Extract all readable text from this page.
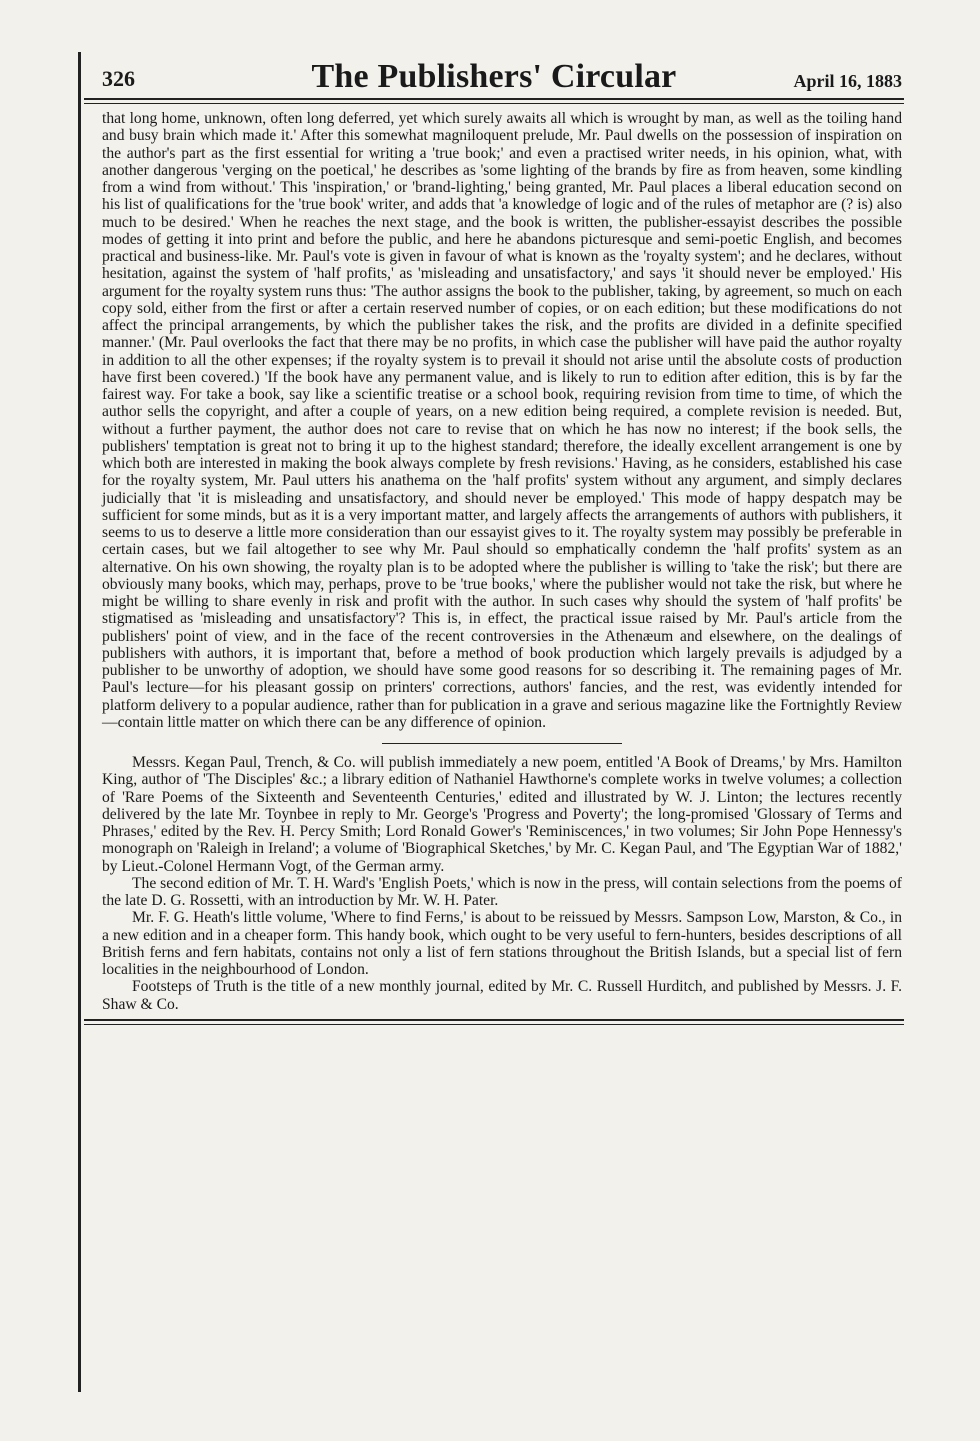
326	The Publishers' Circular	April 16, 1883

that long home, unknown, often long deferred, yet which surely awaits all which is wrought by man, as well as the toiling hand and busy brain which made it.' After this somewhat magniloquent prelude, Mr. Paul dwells on the possession of inspiration on the author's part as the first essential for writing a 'true book;' and even a practised writer needs, in his opinion, what, with another dangerous 'verging on the poetical,' he describes as 'some lighting of the brands by fire as from heaven, some kindling from a wind from without.' This 'inspiration,' or 'brand-lighting,' being granted, Mr. Paul places a liberal education second on his list of qualifications for the 'true book' writer, and adds that 'a knowledge of logic and of the rules of metaphor are (? is) also much to be desired.' When he reaches the next stage, and the book is written, the publisher-essayist describes the possible modes of getting it into print and before the public, and here he abandons picturesque and semi-poetic English, and becomes practical and business-like. Mr. Paul's vote is given in favour of what is known as the 'royalty system'; and he declares, without hesitation, against the system of 'half profits,' as 'misleading and unsatisfactory,' and says 'it should never be employed.' His argument for the royalty system runs thus: 'The author assigns the book to the publisher, taking, by agreement, so much on each copy sold, either from the first or after a certain reserved number of copies, or on each edition; but these modifications do not affect the principal arrangements, by which the publisher takes the risk, and the profits are divided in a definite specified manner.' (Mr. Paul overlooks the fact that there may be no profits, in which case the publisher will have paid the author royalty in addition to all the other expenses; if the royalty system is to prevail it should not arise until the absolute costs of production have first been covered.) 'If the book have any permanent value, and is likely to run to edition after edition, this is by far the fairest way. For take a book, say like a scientific treatise or a school book, requiring revision from time to time, of which the author sells the copyright, and after a couple of years, on a new edition being required, a complete revision is needed. But, without a further payment, the author does not care to revise that on which he has now no interest; if the book sells, the publishers' temptation is great not to bring it up to the highest standard; therefore, the ideally excellent arrangement is one by which both are interested in making the book always complete by fresh revisions.' Having, as he considers, established his case for the royalty system, Mr. Paul utters his anathema on the 'half profits' system without any argument, and simply declares judicially that 'it is misleading and unsatisfactory, and should never be employed.' This mode of happy despatch may be sufficient for some minds, but as it is a very important matter, and largely affects the arrangements of authors with publishers, it seems to us to deserve a little more consideration than our essayist gives to it. The royalty system may possibly be preferable in certain cases, but we fail altogether to see why Mr. Paul should so emphatically condemn the 'half profits' system as an alternative. On his own showing, the royalty plan is to be adopted where the publisher is willing to 'take the risk'; but there are obviously many books, which may, perhaps, prove to be 'true books,' where the publisher would not take the risk, but where he might be willing to share evenly in risk and profit with the author. In such cases why should the system of 'half profits' be stigmatised as 'misleading and unsatisfactory'? This is, in effect, the practical issue raised by Mr. Paul's article from the publishers' point of view, and in the face of the recent controversies in the Athenæum and elsewhere, on the dealings of publishers with authors, it is important that, before a method of book production which largely prevails is adjudged by a publisher to be unworthy of adoption, we should have some good reasons for so describing it. The remaining pages of Mr. Paul's lecture—for his pleasant gossip on printers' corrections, authors' fancies, and the rest, was evidently intended for platform delivery to a popular audience, rather than for publication in a grave and serious magazine like the Fortnightly Review—contain little matter on which there can be any difference of opinion.

Messrs. Kegan Paul, Trench, & Co. will publish immediately a new poem, entitled 'A Book of Dreams,' by Mrs. Hamilton King, author of 'The Disciples' &c.; a library edition of Nathaniel Hawthorne's complete works in twelve volumes; a collection of 'Rare Poems of the Sixteenth and Seventeenth Centuries,' edited and illustrated by W. J. Linton; the lectures recently delivered by the late Mr. Toynbee in reply to Mr. George's 'Progress and Poverty'; the long-promised 'Glossary of Terms and Phrases,' edited by the Rev. H. Percy Smith; Lord Ronald Gower's 'Reminiscences,' in two volumes; Sir John Pope Hennessy's monograph on 'Raleigh in Ireland'; a volume of 'Biographical Sketches,' by Mr. C. Kegan Paul, and 'The Egyptian War of 1882,' by Lieut.-Colonel Hermann Vogt, of the German army.

The second edition of Mr. T. H. Ward's 'English Poets,' which is now in the press, will contain selections from the poems of the late D. G. Rossetti, with an introduction by Mr. W. H. Pater.

Mr. F. G. Heath's little volume, 'Where to find Ferns,' is about to be reissued by Messrs. Sampson Low, Marston, & Co., in a new edition and in a cheaper form. This handy book, which ought to be very useful to fern-hunters, besides descriptions of all British ferns and fern habitats, contains not only a list of fern stations throughout the British Islands, but a special list of fern localities in the neighbourhood of London.

Footsteps of Truth is the title of a new monthly journal, edited by Mr. C. Russell Hurditch, and published by Messrs. J. F. Shaw & Co.
